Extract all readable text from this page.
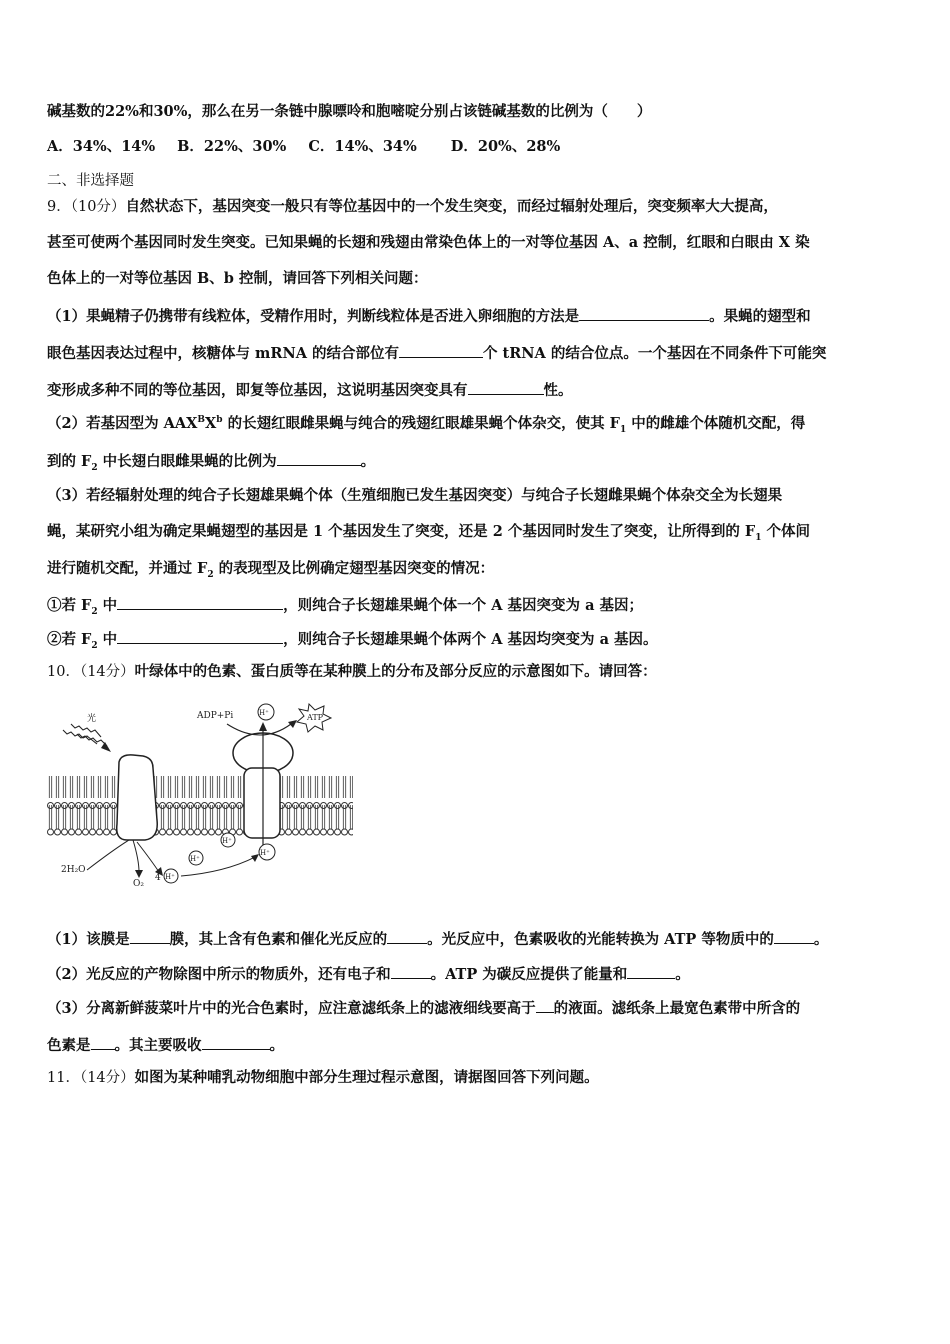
碱基数的22%和30%，那么在另一条链中腺嘌呤和胞嘧啶分别占该链碱基数的比例为（　　）
A．34%、14% B．22%、30% C．14%、34% D．20%、28%
二、非选择题
9．（10分）自然状态下，基因突变一般只有等位基因中的一个发生突变，而经过辐射处理后，突变频率大大提高，
甚至可使两个基因同时发生突变。已知果蝇的长翅和残翅由常染色体上的一对等位基因 A、a 控制，红眼和白眼由 X 染
色体上的一对等位基因 B、b 控制，请回答下列相关问题：
（1）果蝇精子仍携带有线粒体，受精作用时，判断线粒体是否进入卵细胞的方法是	。果蝇的翅型和
眼色基因表达过程中，核糖体与 mRNA 的结合部位有	个 tRNA 的结合位点。一个基因在不同条件下可能突
变形成多种不同的等位基因，即复等位基因，这说明基因突变具有	性。
（2）若基因型为 $AAX^BX^b$ 的长翅红眼雌果蝇与纯合的残翅红眼雄果蝇个体杂交，使其 $F_1$ 中的雌雄个体随机交配，得
到的 $F_2$ 中长翅白眼雌果蝇的比例为	。
（3）若经辐射处理的纯合子长翅雄果蝇个体（生殖细胞已发生基因突变）与纯合子长翅雌果蝇个体杂交全为长翅果
蝇，某研究小组为确定果蝇翅型的基因是 1 个基因发生了突变，还是 2 个基因同时发生了突变，让所得到的 $F_1$ 个体间
进行随机交配，并通过 $F_2$ 的表现型及比例确定翅型基因突变的情况：
①若 $F_2$ 中	，则纯合子长翅雄果蝇个体一个 A 基因突变为 a 基因；
②若 $F_2$ 中	，则纯合子长翅雄果蝇个体两个 A 基因均突变为 a 基因。
10．（14分）叶绿体中的色素、蛋白质等在某种膜上的分布及部分反应的示意图如下。请回答：
光	ADP+Pi	ATP
H⁺
H⁺
H⁺
H⁺
H⁺
2H₂O
O₂
4
（1）该膜是	膜，其上含有色素和催化光反应的	。光反应中，色素吸收的光能转换为 ATP 等物质中的	。
（2）光反应的产物除图中所示的物质外，还有电子和	。ATP 为碳反应提供了能量和	。
（3）分离新鲜菠菜叶片中的光合色素时，应注意滤纸条上的滤液细线要高于 的液面。滤纸条上最宽色素带中所含的
色素是 。其主要吸收	。
11．（14分）如图为某种哺乳动物细胞中部分生理过程示意图，请据图回答下列问题。
